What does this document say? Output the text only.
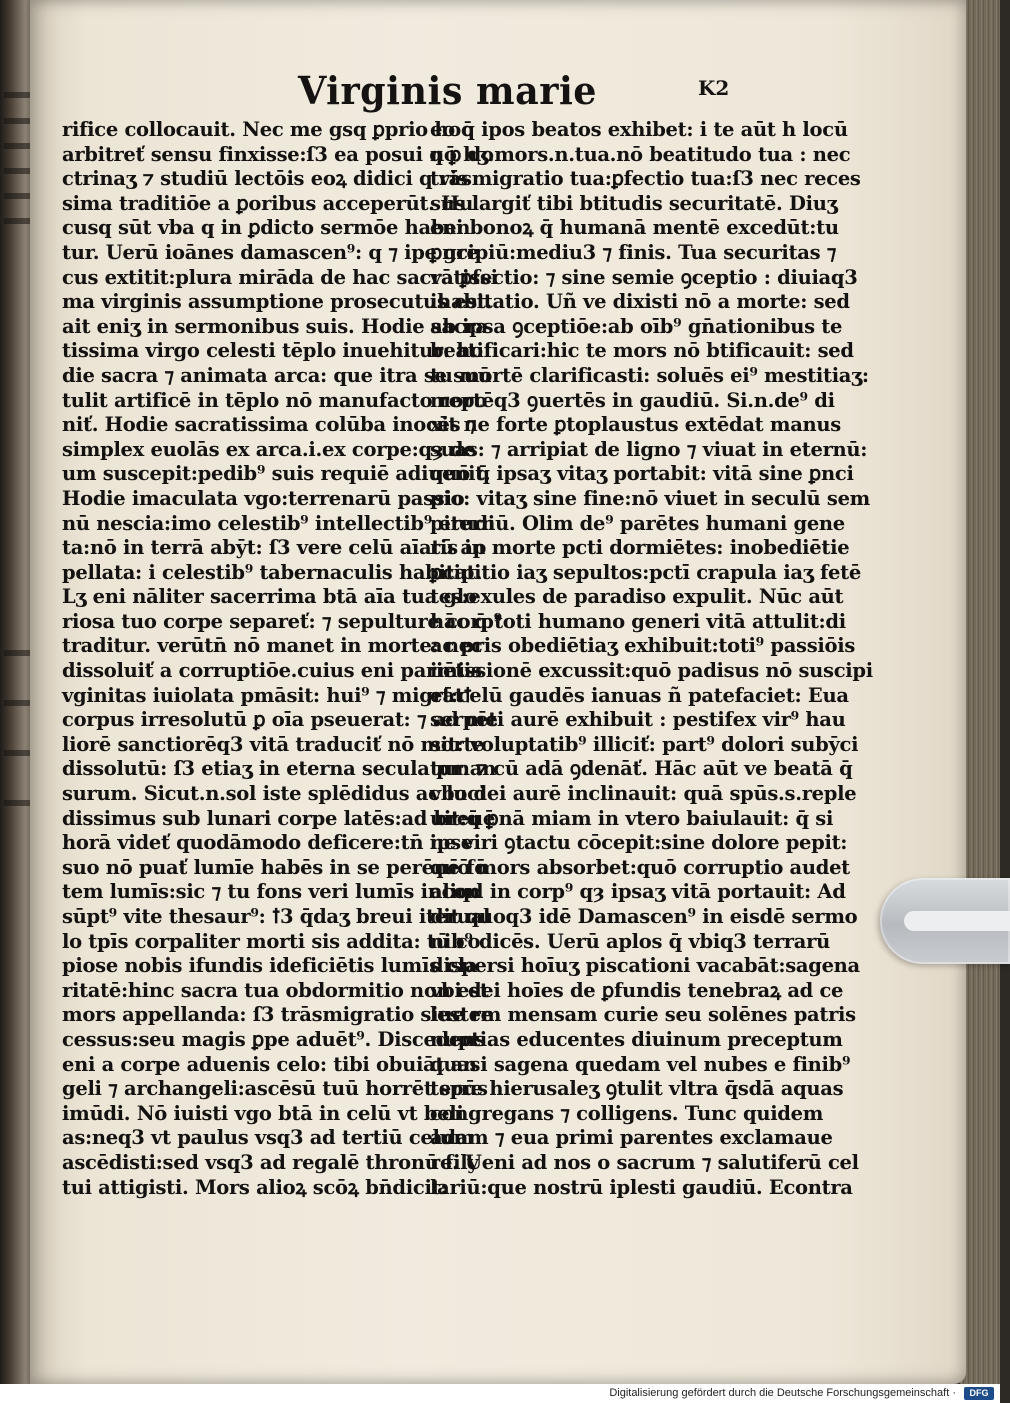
Virginis marie	K2
rifice collocauit. Nec me gsq ꝑprio hoc
arbitreť sensu finxisse:ſ3 ea posui q ꝑ do
ctrinaʒ ⁊ studiū lectōis eoꝝ didici q vis
sima traditiōe a ꝑoribus acceperūt. Hu
cusq sūt vba q in ꝑdicto sermōe haben
tur. Uerū ioānes damascen⁹: q ⁊ ipe gre
cus extitit:plura mirāda de hac sacratissi
ma virginis assumptione prosecutus est.
ait eniʒ in sermonibus suis. Hodie sacra
tissima virgo celesti tēplo inuehitur: ho
die sacra ⁊ animata arca: que itra se suū
tulit artificē in tēplo nō manufacto repo
niť. Hodie sacratissima colūba inocēs ⁊
simplex euolās ex arca.i.ex corpe:qȝ de
um suscepit:pedib⁹ suis requiē adiuenit.
Hodie imaculata vgo:terrenarū passio
nū nescia:imo celestib⁹ intellectib⁹ erudi
ta:nō in terrā abȳt: ſ3 vere celū aīatū ap
pellata: i celestib⁹ tabernaculis habitat.
Lʒ eni nāliter sacerrima btā aīa tua glo
riosa tuo corpe separeť: ⁊ sepulture corp⁹
traditur. verūtn̄ nō manet in morte: nec
dissoluiť a corruptiōe.cuius eni pariētis
vginitas iuiolata pmāsit: hui⁹ ⁊ migrātꝉ
corpus irresolutū ꝑ oīa pseuerat: ⁊ ad me
liorē sanctiorēq3 vitā traduciť nō morte
dissolutū: ſ3 etiaʒ in eterna secula pman
surum. Sicut.n.sol iste splēdidus ac luci
dissimus sub lunari corpe latēs:ad breuē
horā videť quodāmodo deficere:tn̄ ipse
suo nō puať lumīe habēs in se perēnē fō
tem lumīs:sic ⁊ tu fons veri lumīs incon
sūpt⁹ vite thesaur⁹: ꝉ3 q̄daʒ breui iterual
lo tpīs corpaliter morti sis addita: tū co
piose nobis ifundis ideficiētis lumīs cla
ritatē:hinc sacra tua obdormitio non est
mors appellanda: ſ3 trāsmigratio siue re
cessus:seu magis ꝑpe aduēt⁹. Discedens
eni a corpe aduenis celo: tibi obuiāt an
geli ⁊ archangeli:ascēsū tuū horrēt spūs
imūdi. Nō iuisti vgo btā in celū vt beli
as:neq3 vt paulus vsq3 ad tertiū celum
ascēdisti:sed vsq3 ad regalē thronū fily
tui attigisti. Mors alioꝝ scōꝝ bn̄dicit:
eo q̄ ipos beatos exhibet: i te aūt h locū
nō hʒ.mors.n.tua.nō beatitudo tua : nec
trāsmigratio tua:ꝑfectio tua:ſ3 nec reces
sus largiť tibi btitudis securitatē. Diuʒ
eni bonoꝝ q̄ humanā mentē excedūt:tu
ꝑncipiū:mediu3 ⁊ finis. Tua securitas ⁊
vā ꝑfectio: ⁊ sine semie ꝯceptio : diuiaq3
ihabitatio. Uñ ve dixisti nō a morte: sed
ab ipsa ꝯceptiōe:ab oīb⁹ gn̄ationibus te
beatificari:hic te mors nō btificauit: sed
tu mortē clarificasti: soluēs ei⁹ mestitiaʒ:
mortēq3 ꝯuertēs in gaudiū. Si.n.de⁹ di
xit ne forte ꝑtoplaustus extēdat manus
suas: ⁊ arripiat de ligno ⁊ viuat in eternū:
quō q̄ ipsaʒ vitaʒ portabit: vitā sine ꝑnci
pio: vitaʒ sine fine:nō viuet in seculū sem
piternū. Olim de⁹ parētes humani gene
ris in morte pcti dormiētes: inobediētie
ꝑcipitio iaʒ sepultos:pctī crapula iaʒ fetē
tes:exules de paradiso expulit. Nūc aūt
hāc q̄ toti humano generi vitā attulit:di
ac pris obediētiaʒ exhibuit:toti⁹ passiōis
imissionē excussit:quō padisus nō suscipi
et:celū gaudēs ianuas ñ patefaciet: Eua
serpēti aurē exhibuit : pestifex vir⁹ hau
sit: voluptatib⁹ illiciť: part⁹ dolori subȳci
tur: ⁊ cū adā ꝯdenāť. Hāc aūt ve beatā q̄
vbo dei aurē inclinauit: quā spūs.s.reple
uit:q̄ ꝑnā miam in vtero baiulauit: q̄ si
ne viri ꝯtactu cōcepit:sine dolore pepit:
quō mors absorbet:quō corruptio audet
aliqd in corp⁹ qȝ ipsaʒ vitā portauit: Ad
dit quoq3 idē Damascen⁹ in eisdē sermo
nib⁹ dicēs. Uerū aplos q̄ vbiq3 terrarū
dispersi hoīuʒ piscationi vacabāt:sagena
vbi dei hoīes de ꝑfundis tenebraꝝ ad ce
lestem mensam curie seu solēnes patris
nuptias educentes diuinum preceptum
quasi sagena quedam vel nubes e finib⁹
terre hierusaleʒ ꝯtulit vltra q̄sdā aquas
congregans ⁊ colligens. Tunc quidem
adam ⁊ eua primi parentes exclamaue
re. Ueni ad nos o sacrum ⁊ salutiferū cel
lariū:que nostrū iplesti gaudiū. Econtra
Digitalisierung gefördert durch die Deutsche Forschungsgemeinschaft ·	DFG
